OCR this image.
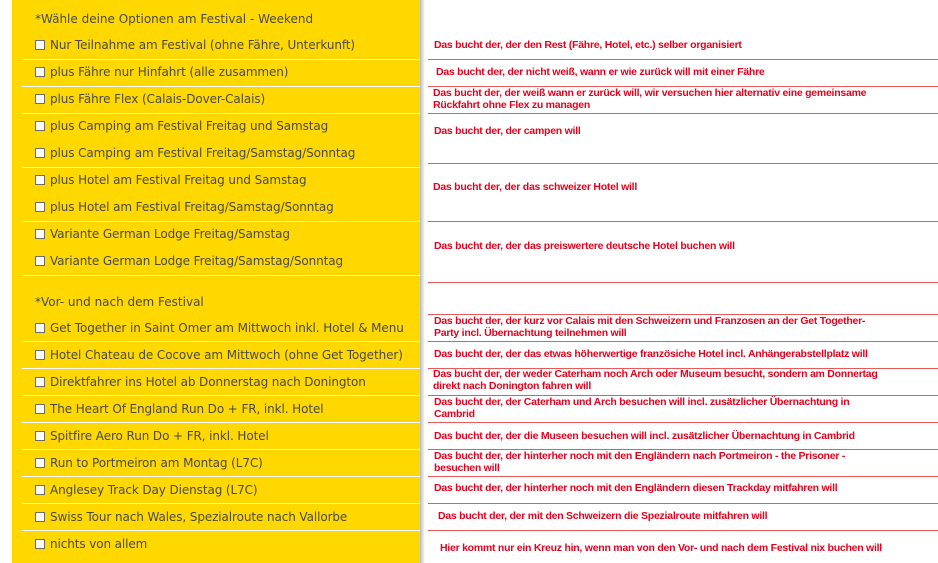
*Wähle deine Optionen am Festival - Weekend
*Vor- und nach dem Festival
Nur Teilnahme am Festival (ohne Fähre, Unterkunft)
plus Fähre nur Hinfahrt (alle zusammen)
plus Fähre Flex (Calais-Dover-Calais)
plus Camping am Festival Freitag und Samstag
plus Camping am Festival Freitag/Samstag/Sonntag
plus Hotel am Festival Freitag und Samstag
plus Hotel am Festival Freitag/Samstag/Sonntag
Variante German Lodge Freitag/Samstag
Variante German Lodge Freitag/Samstag/Sonntag
Get Together in Saint Omer am Mittwoch inkl. Hotel & Menu
Hotel Chateau de Cocove am Mittwoch (ohne Get Together)
Direktfahrer ins Hotel ab Donnerstag nach Donington
The Heart Of England Run Do + FR, inkl. Hotel
Spitfire Aero Run Do + FR, inkl. Hotel
Run to Portmeiron am Montag (L7C)
Anglesey Track Day Dienstag (L7C)
Swiss Tour nach Wales, Spezialroute nach Vallorbe
nichts von allem
Das bucht der, der den Rest (Fähre, Hotel, etc.) selber organisiert
Das bucht der, der nicht weiß, wann er wie zurück will mit einer Fähre
Das bucht der, der weiß wann er zurück will, wir versuchen hier alternativ eine gemeinsame
Rückfahrt ohne Flex zu managen
Das bucht der, der campen will
Das bucht der, der das schweizer Hotel will
Das bucht der, der das preiswertere deutsche Hotel buchen will
Das bucht der, der kurz vor Calais mit den Schweizern und Franzosen an der Get Together-
Party incl. Übernachtung teilnehmen will
Das bucht der, der das etwas höherwertige französiche Hotel incl. Anhängerabstellplatz will
Das bucht der, der weder Caterham noch Arch oder Museum besucht, sondern am Donnertag
direkt nach Donington fahren will
Das bucht der, der Caterham und Arch besuchen will incl. zusätzlicher Übernachtung in
Cambrid
Das bucht der, der die Museen besuchen will incl. zusätzlicher Übernachtung in Cambrid
Das bucht der, der hinterher noch mit den Engländern nach Portmeiron - the Prisoner -
besuchen will
Das bucht der, der hinterher noch mit den Engländern diesen Trackday mitfahren will
Das bucht der, der mit den Schweizern die Spezialroute mitfahren will
Hier kommt nur ein Kreuz hin, wenn man von den Vor- und nach dem Festival nix buchen will
